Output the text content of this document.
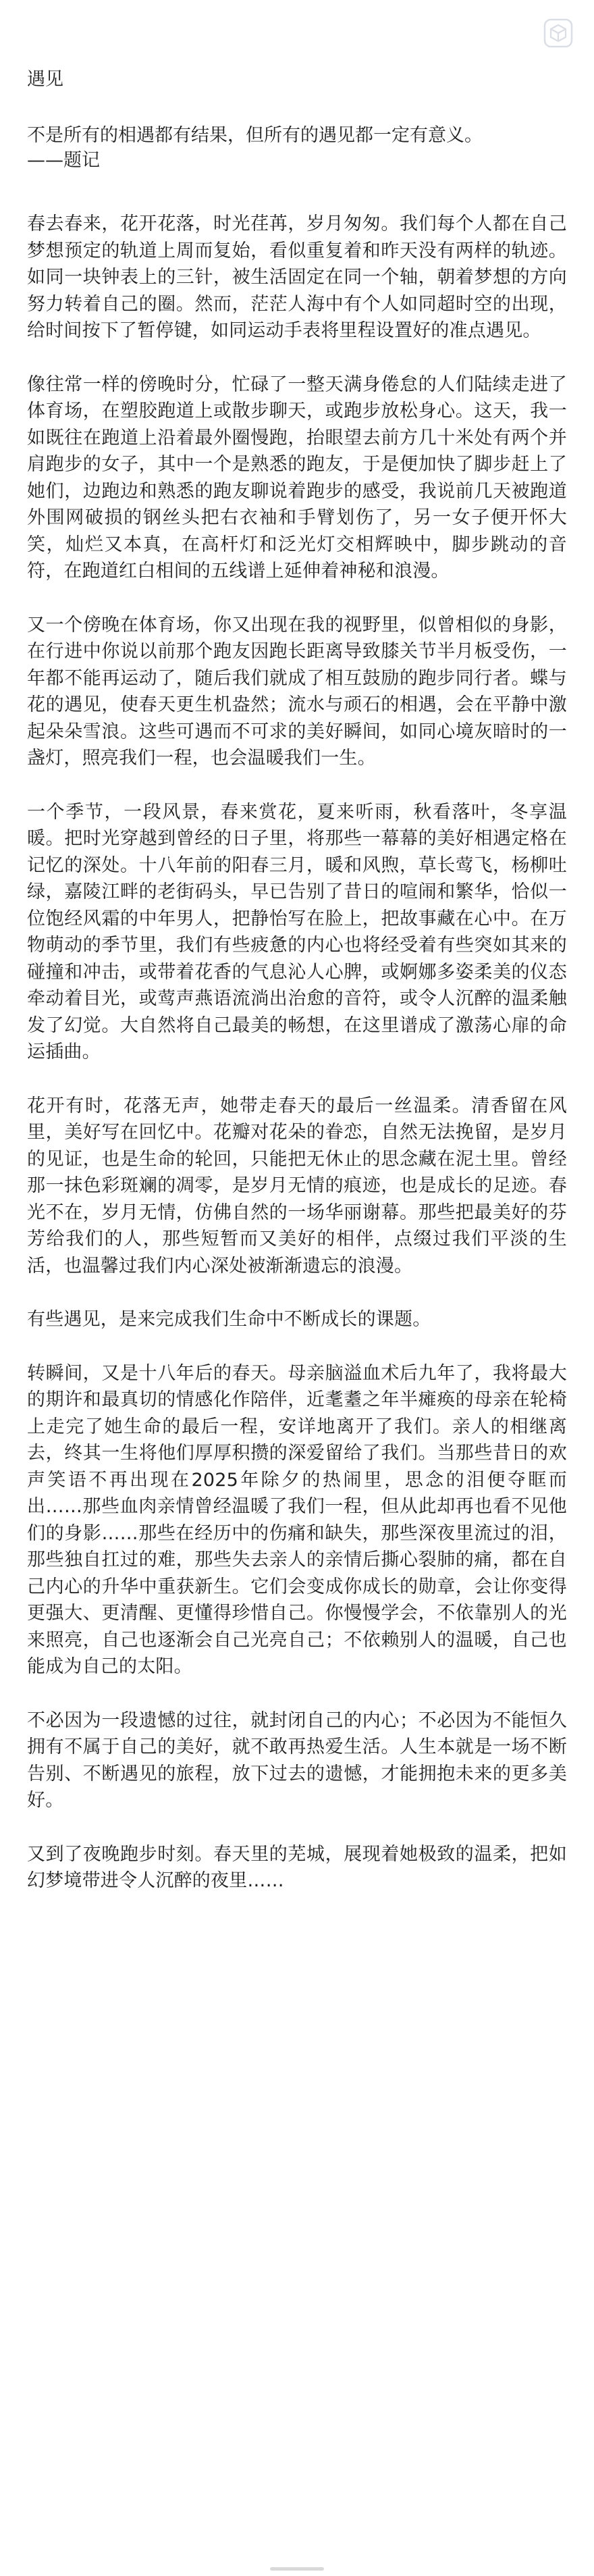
遇见

不是所有的相遇都有结果，但所有的遇见都一定有意义。

——题记

春去春来，花开花落，时光荏苒，岁月匆匆。我们每个人都在自己梦想预定的轨道上周而复始，看似重复着和昨天没有两样的轨迹。如同一块钟表上的三针，被生活固定在同一个轴，朝着梦想的方向努力转着自己的圈。然而，茫茫人海中有个人如同超时空的出现，给时间按下了暂停键，如同运动手表将里程设置好的准点遇见。

像往常一样的傍晚时分，忙碌了一整天满身倦怠的人们陆续走进了体育场，在塑胶跑道上或散步聊天，或跑步放松身心。这天，我一如既往在跑道上沿着最外圈慢跑，抬眼望去前方几十米处有两个并肩跑步的女子，其中一个是熟悉的跑友，于是便加快了脚步赶上了她们，边跑边和熟悉的跑友聊说着跑步的感受，我说前几天被跑道外围网破损的钢丝头把右衣袖和手臂划伤了，另一女子便开怀大笑，灿烂又本真，在高杆灯和泛光灯交相辉映中，脚步跳动的音符，在跑道红白相间的五线谱上延伸着神秘和浪漫。

又一个傍晚在体育场，你又出现在我的视野里，似曾相似的身影，在行进中你说以前那个跑友因跑长距离导致膝关节半月板受伤，一年都不能再运动了，随后我们就成了相互鼓励的跑步同行者。蝶与花的遇见，使春天更生机盎然；流水与顽石的相遇，会在平静中激起朵朵雪浪。这些可遇而不可求的美好瞬间，如同心境灰暗时的一盏灯，照亮我们一程，也会温暖我们一生。

一个季节，一段风景，春来赏花，夏来听雨，秋看落叶，冬享温暖。把时光穿越到曾经的日子里，将那些一幕幕的美好相遇定格在记忆的深处。十八年前的阳春三月，暖和风煦，草长莺飞，杨柳吐绿，嘉陵江畔的老街码头，早已告别了昔日的喧闹和繁华，恰似一位饱经风霜的中年男人，把静怡写在脸上，把故事藏在心中。在万物萌动的季节里，我们有些疲惫的内心也将经受着有些突如其来的碰撞和冲击，或带着花香的气息沁人心脾，或婀娜多姿柔美的仪态牵动着目光，或莺声燕语流淌出治愈的音符，或令人沉醉的温柔触发了幻觉。大自然将自己最美的畅想，在这里谱成了激荡心扉的命运插曲。

花开有时，花落无声，她带走春天的最后一丝温柔。清香留在风里，美好写在回忆中。花瓣对花朵的眷恋，自然无法挽留，是岁月的见证，也是生命的轮回，只能把无休止的思念藏在泥土里。曾经那一抹色彩斑斓的凋零，是岁月无情的痕迹，也是成长的足迹。春光不在，岁月无情，仿佛自然的一场华丽谢幕。那些把最美好的芬芳给我们的人，那些短暂而又美好的相伴，点缀过我们平淡的生活，也温馨过我们内心深处被渐渐遗忘的浪漫。

有些遇见，是来完成我们生命中不断成长的课题。

转瞬间，又是十八年后的春天。母亲脑溢血术后九年了，我将最大的期许和最真切的情感化作陪伴，近耄耋之年半瘫痪的母亲在轮椅上走完了她生命的最后一程，安详地离开了我们。亲人的相继离去，终其一生将他们厚厚积攒的深爱留给了我们。当那些昔日的欢声笑语不再出现在2025年除夕的热闹里，思念的泪便夺眶而出……那些血肉亲情曾经温暖了我们一程，但从此却再也看不见他们的身影……那些在经历中的伤痛和缺失，那些深夜里流过的泪，那些独自扛过的难，那些失去亲人的亲情后撕心裂肺的痛，都在自己内心的升华中重获新生。它们会变成你成长的勋章，会让你变得更强大、更清醒、更懂得珍惜自己。你慢慢学会，不依靠别人的光来照亮，自己也逐渐会自己光亮自己；不依赖别人的温暖，自己也能成为自己的太阳。

不必因为一段遗憾的过往，就封闭自己的内心；不必因为不能恒久拥有不属于自己的美好，就不敢再热爱生活。人生本就是一场不断告别、不断遇见的旅程，放下过去的遗憾，才能拥抱未来的更多美好。

又到了夜晚跑步时刻。春天里的芜城，展现着她极致的温柔，把如幻梦境带进令人沉醉的夜里……
